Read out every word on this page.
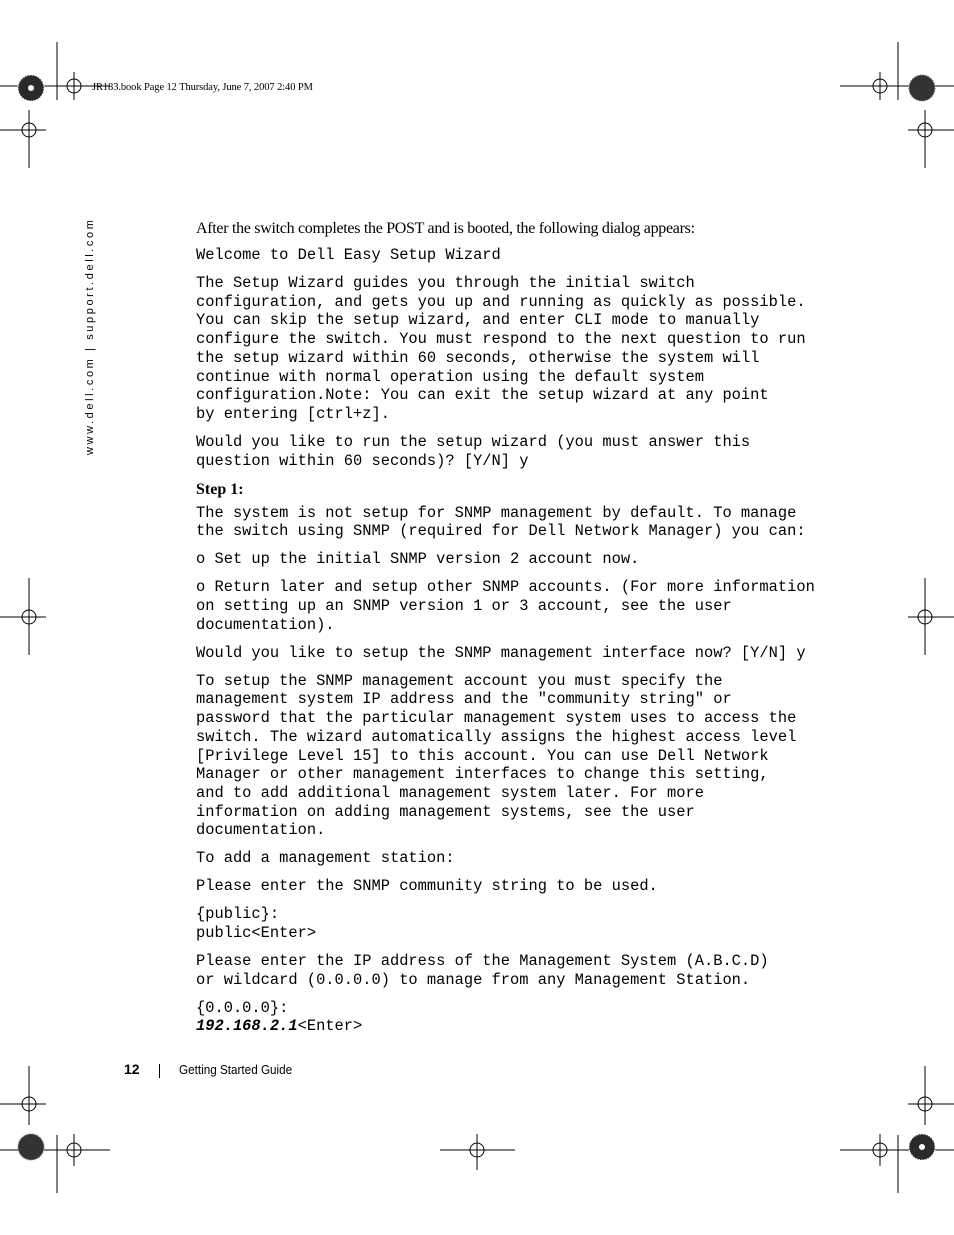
JR183.book Page 12 Thursday, June 7, 2007 2:40 PM
www.dell.com | support.dell.com	After the switch completes the POST and is booted, the following dialog appears:

Welcome to Dell Easy Setup Wizard
The Setup Wizard guides you through the initial switch
configuration, and gets you up and running as quickly as possible.
You can skip the setup wizard, and enter CLI mode to manually
configure the switch. You must respond to the next question to run
the setup wizard within 60 seconds, otherwise the system will
continue with normal operation using the default system
configuration.Note: You can exit the setup wizard at any point
by entering [ctrl+z].
Would you like to run the setup wizard (you must answer this
question within 60 seconds)? [Y/N] y
Step 1:
The system is not setup for SNMP management by default. To manage
the switch using SNMP (required for Dell Network Manager) you can:
o Set up the initial SNMP version 2 account now.
o Return later and setup other SNMP accounts. (For more information
on setting up an SNMP version 1 or 3 account, see the user
documentation).
Would you like to setup the SNMP management interface now? [Y/N] y
To setup the SNMP management account you must specify the
management system IP address and the "community string" or
password that the particular management system uses to access the
switch. The wizard automatically assigns the highest access level
[Privilege Level 15] to this account. You can use Dell Network
Manager or other management interfaces to change this setting,
and to add additional management system later. For more
information on adding management systems, see the user
documentation.
To add a management station:
Please enter the SNMP community string to be used.
{public}:
public<Enter>
Please enter the IP address of the Management System (A.B.C.D)
or wildcard (0.0.0.0) to manage from any Management Station.
{0.0.0.0}:
192.168.2.1<Enter>
12	Getting Started Guide
